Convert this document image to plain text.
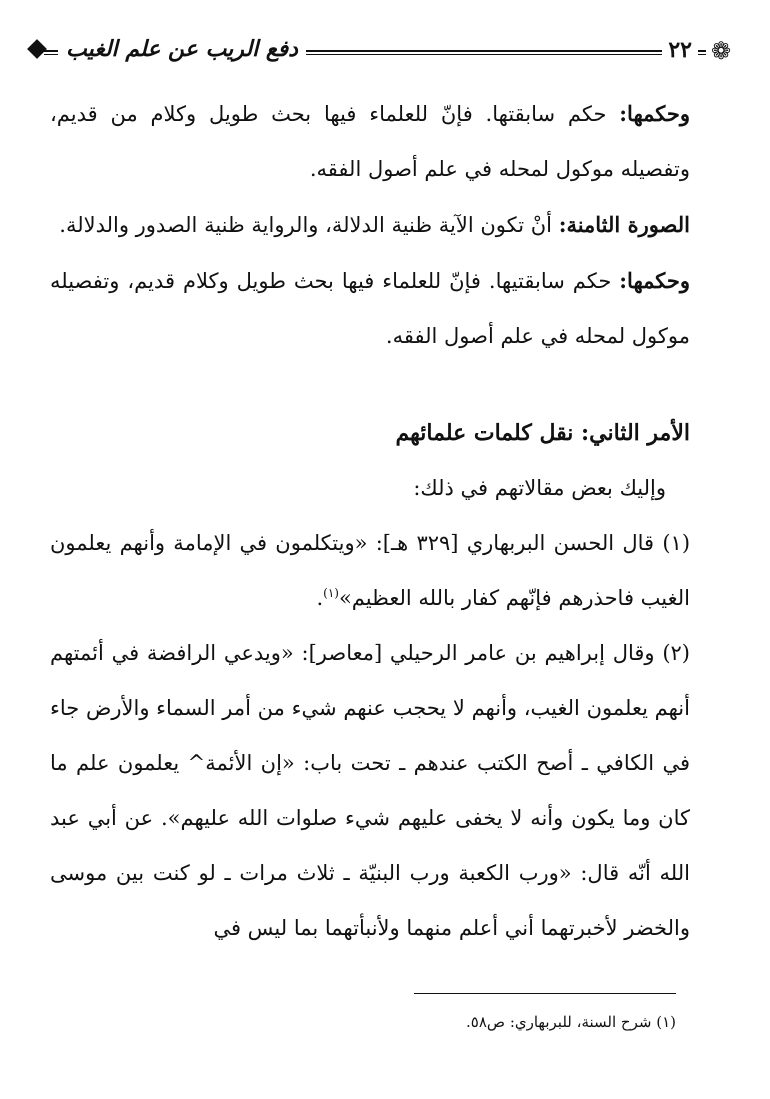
❁
٢٢
دفع الريب عن علم الغيب

وحكمها: حكم سابقتها. فإنّ للعلماء فيها بحث طويل وكلام من قديم، وتفصيله موكول لمحله في علم أصول الفقه.

الصورة الثامنة: أنْ تكون الآية ظنية الدلالة، والرواية ظنية الصدور والدلالة.

وحكمها: حكم سابقتيها. فإنّ للعلماء فيها بحث طويل وكلام قديم، وتفصيله موكول لمحله في علم أصول الفقه.

الأمر الثاني: نقل كلمات علمائهم

وإليك بعض مقالاتهم في ذلك:

(١) قال الحسن البربهاري [٣٢٩ هـ]: «ويتكلمون في الإمامة وأنهم يعلمون الغيب فاحذرهم فإنّهم كفار بالله العظيم»$^{(١)}$.

(٢) وقال إبراهيم بن عامر الرحيلي [معاصر]: «ويدعي الرافضة في أئمتهم أنهم يعلمون الغيب، وأنهم لا يحجب عنهم شيء من أمر السماء والأرض جاء في الكافي ـ أصح الكتب عندهم ـ تحت باب: «إن الأئمة^ يعلمون علم ما كان وما يكون وأنه لا يخفى عليهم شيء صلوات الله عليهم». عن أبي عبد الله أنّه قال: «ورب الكعبة ورب البنيّة ـ ثلاث مرات ـ لو كنت بين موسى والخضر لأخبرتهما أني أعلم منهما ولأنبأتهما بما ليس في

(١) شرح السنة، للبربهاري: ص٥٨.
